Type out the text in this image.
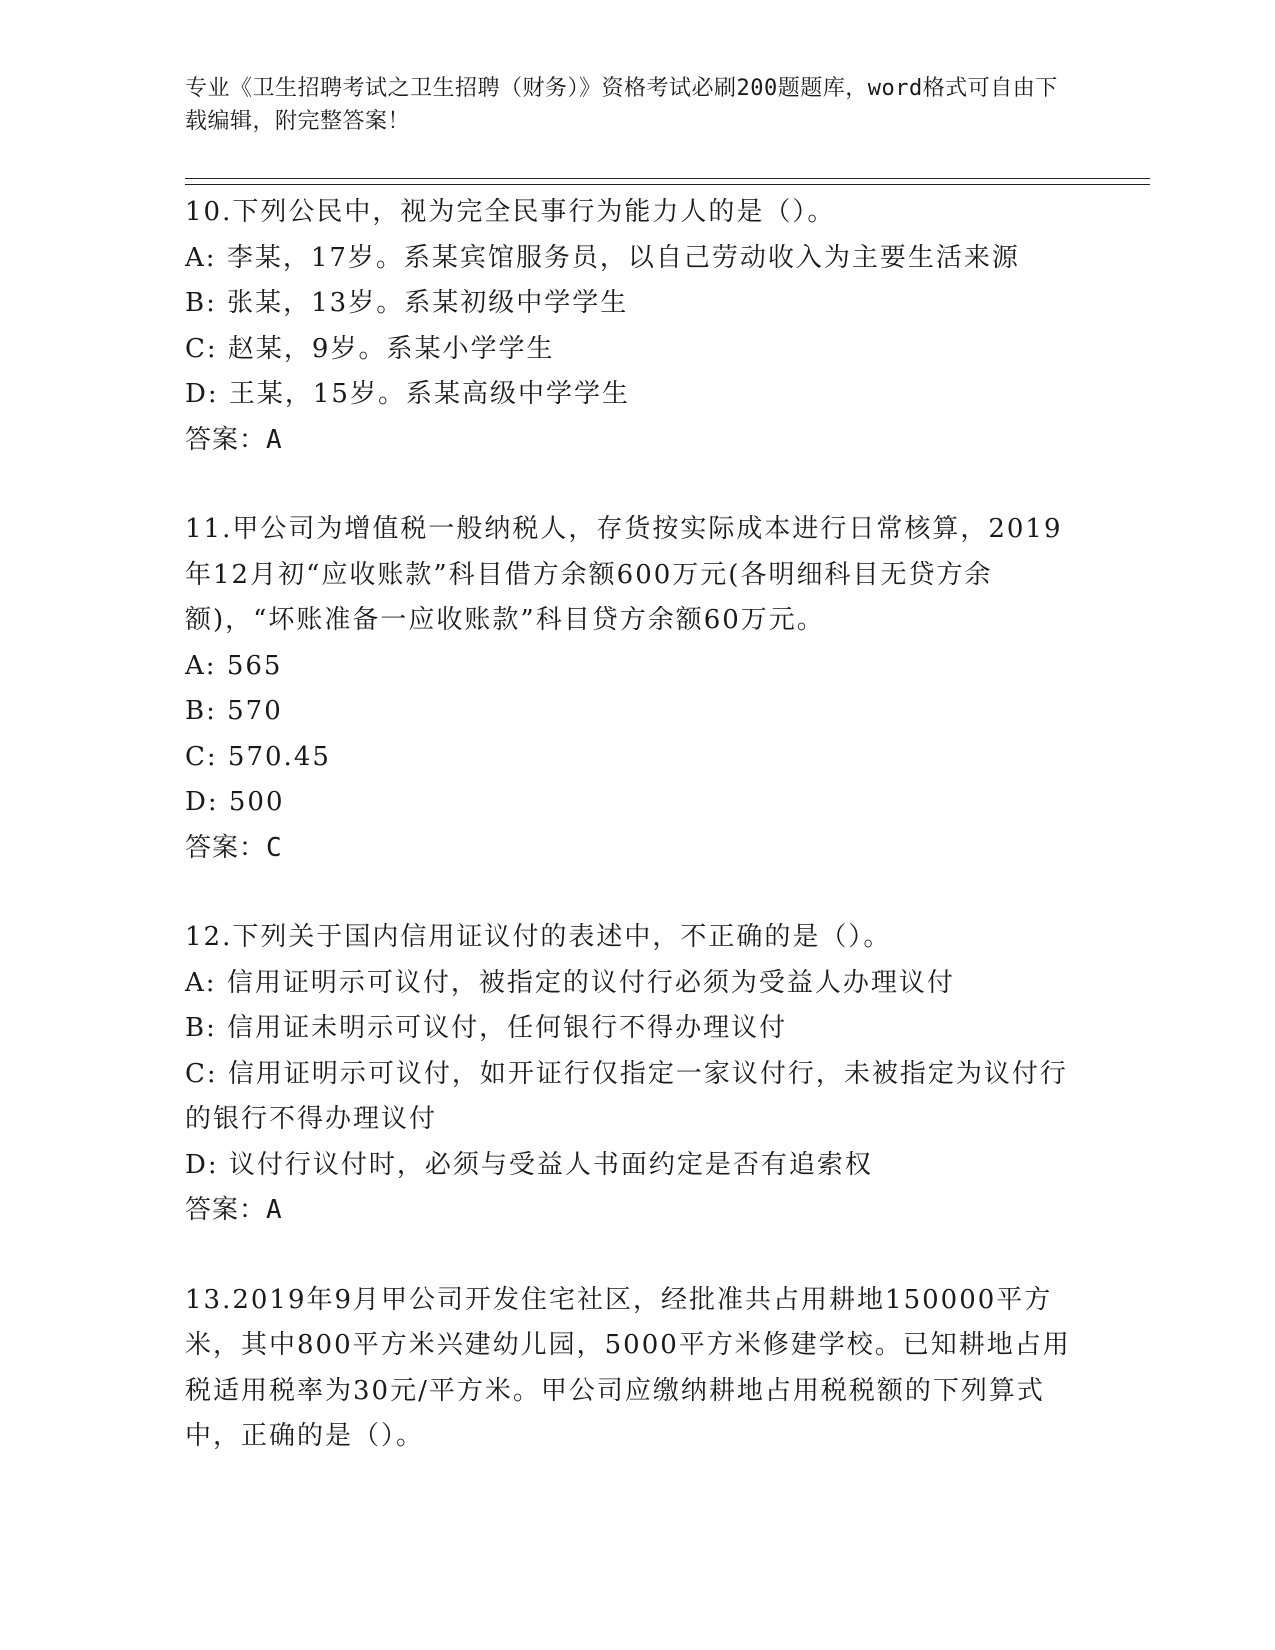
专业《卫生招聘考试之卫生招聘（财务）》资格考试必刷200题题库，word格式可自由下载编辑，附完整答案！
10.下列公民中，视为完全民事行为能力人的是（）。
A: 李某，17岁。系某宾馆服务员，以自己劳动收入为主要生活来源
B: 张某，13岁。系某初级中学学生
C: 赵某，9岁。系某小学学生
D: 王某，15岁。系某高级中学学生
答案：A
11.甲公司为增值税一般纳税人，存货按实际成本进行日常核算，2019年12月初“应收账款”科目借方余额600万元(各明细科目无贷方余额)，“坏账准备一应收账款”科目贷方余额60万元。
A: 565
B: 570
C: 570.45
D: 500
答案：C
12.下列关于国内信用证议付的表述中，不正确的是（）。
A: 信用证明示可议付，被指定的议付行必须为受益人办理议付
B: 信用证未明示可议付，任何银行不得办理议付
C: 信用证明示可议付，如开证行仅指定一家议付行，未被指定为议付行的银行不得办理议付
D: 议付行议付时，必须与受益人书面约定是否有追索权
答案：A
13.2019年9月甲公司开发住宅社区，经批准共占用耕地150000平方米，其中800平方米兴建幼儿园，5000平方米修建学校。已知耕地占用税适用税率为30元/平方米。甲公司应缴纳耕地占用税税额的下列算式中，正确的是（）。
